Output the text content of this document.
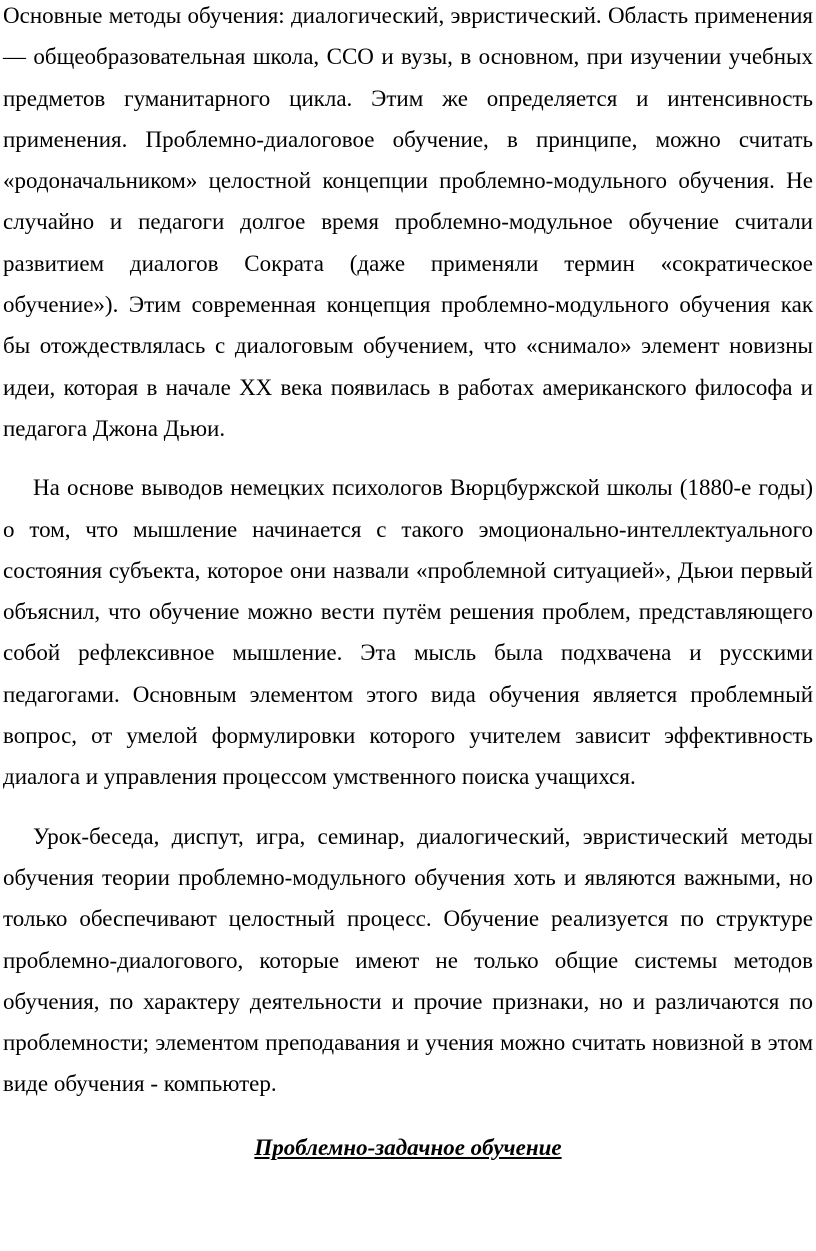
Основные методы обучения: диалогический, эвристический. Область применения — общеобразовательная школа, ССО и вузы, в основном, при изучении учебных предметов гуманитарного цикла. Этим же определяется и интенсивность применения. Проблемно-диалоговое обучение, в принципе, можно считать «родоначальником» целостной концепции проблемно-модульного обучения. Не случайно и педагоги долгое время проблемно-модульное обучение считали развитием диалогов Сократа (даже применяли термин «сократическое обучение»). Этим современная концепция проблемно-модульного обучения как бы отождествлялась с диалоговым обучением, что «снимало» элемент новизны идеи, которая в начале XX века появилась в работах американского философа и педагога Джона Дьюи.

На основе выводов немецких психологов Вюрцбуржской школы (1880-е годы) о том, что мышление начинается с такого эмоционально-интеллектуального состояния субъекта, которое они назвали «проблемной ситуацией», Дьюи первый объяснил, что обучение можно вести путём решения проблем, представляющего собой рефлексивное мышление. Эта мысль была подхвачена и русскими педагогами. Основным элементом этого вида обучения является проблемный вопрос, от умелой формулировки которого учителем зависит эффективность диалога и управления процессом умственного поиска учащихся.

Урок-беседа, диспут, игра, семинар, диалогический, эвристический методы обучения теории проблемно-модульного обучения хоть и являются важными, но только обеспечивают целостный процесс. Обучение реализуется по структуре проблемно-диалогового, которые имеют не только общие системы методов обучения, по характеру деятельности и прочие признаки, но и различаются по проблемности; элементом преподавания и учения можно считать новизной в этом виде обучения - компьютер.

Проблемно-задачное обучение
